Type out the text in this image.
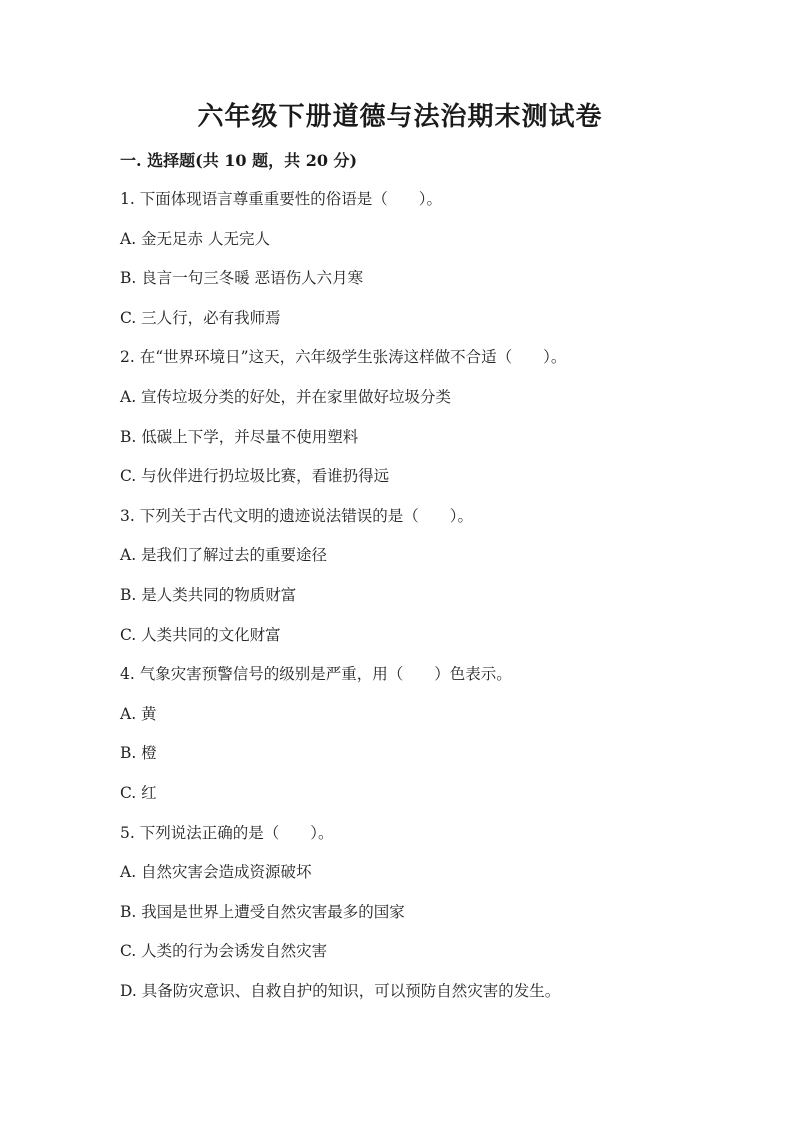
六年级下册道德与法治期末测试卷
一. 选择题(共 10 题，共 20 分)
1. 下面体现语言尊重重要性的俗语是（　　）。
A. 金无足赤 人无完人
B. 良言一句三冬暖 恶语伤人六月寒
C. 三人行，必有我师焉
2. 在“世界环境日”这天，六年级学生张涛这样做不合适（　　）。
A. 宣传垃圾分类的好处，并在家里做好垃圾分类
B. 低碳上下学，并尽量不使用塑料
C. 与伙伴进行扔垃圾比赛，看谁扔得远
3. 下列关于古代文明的遗迹说法错误的是（　　）。
A. 是我们了解过去的重要途径
B. 是人类共同的物质财富
C. 人类共同的文化财富
4. 气象灾害预警信号的级别是严重，用（　　）色表示。
A. 黄
B. 橙
C. 红
5. 下列说法正确的是（　　）。
A. 自然灾害会造成资源破坏
B. 我国是世界上遭受自然灾害最多的国家
C. 人类的行为会诱发自然灾害
D. 具备防灾意识、自救自护的知识，可以预防自然灾害的发生。
